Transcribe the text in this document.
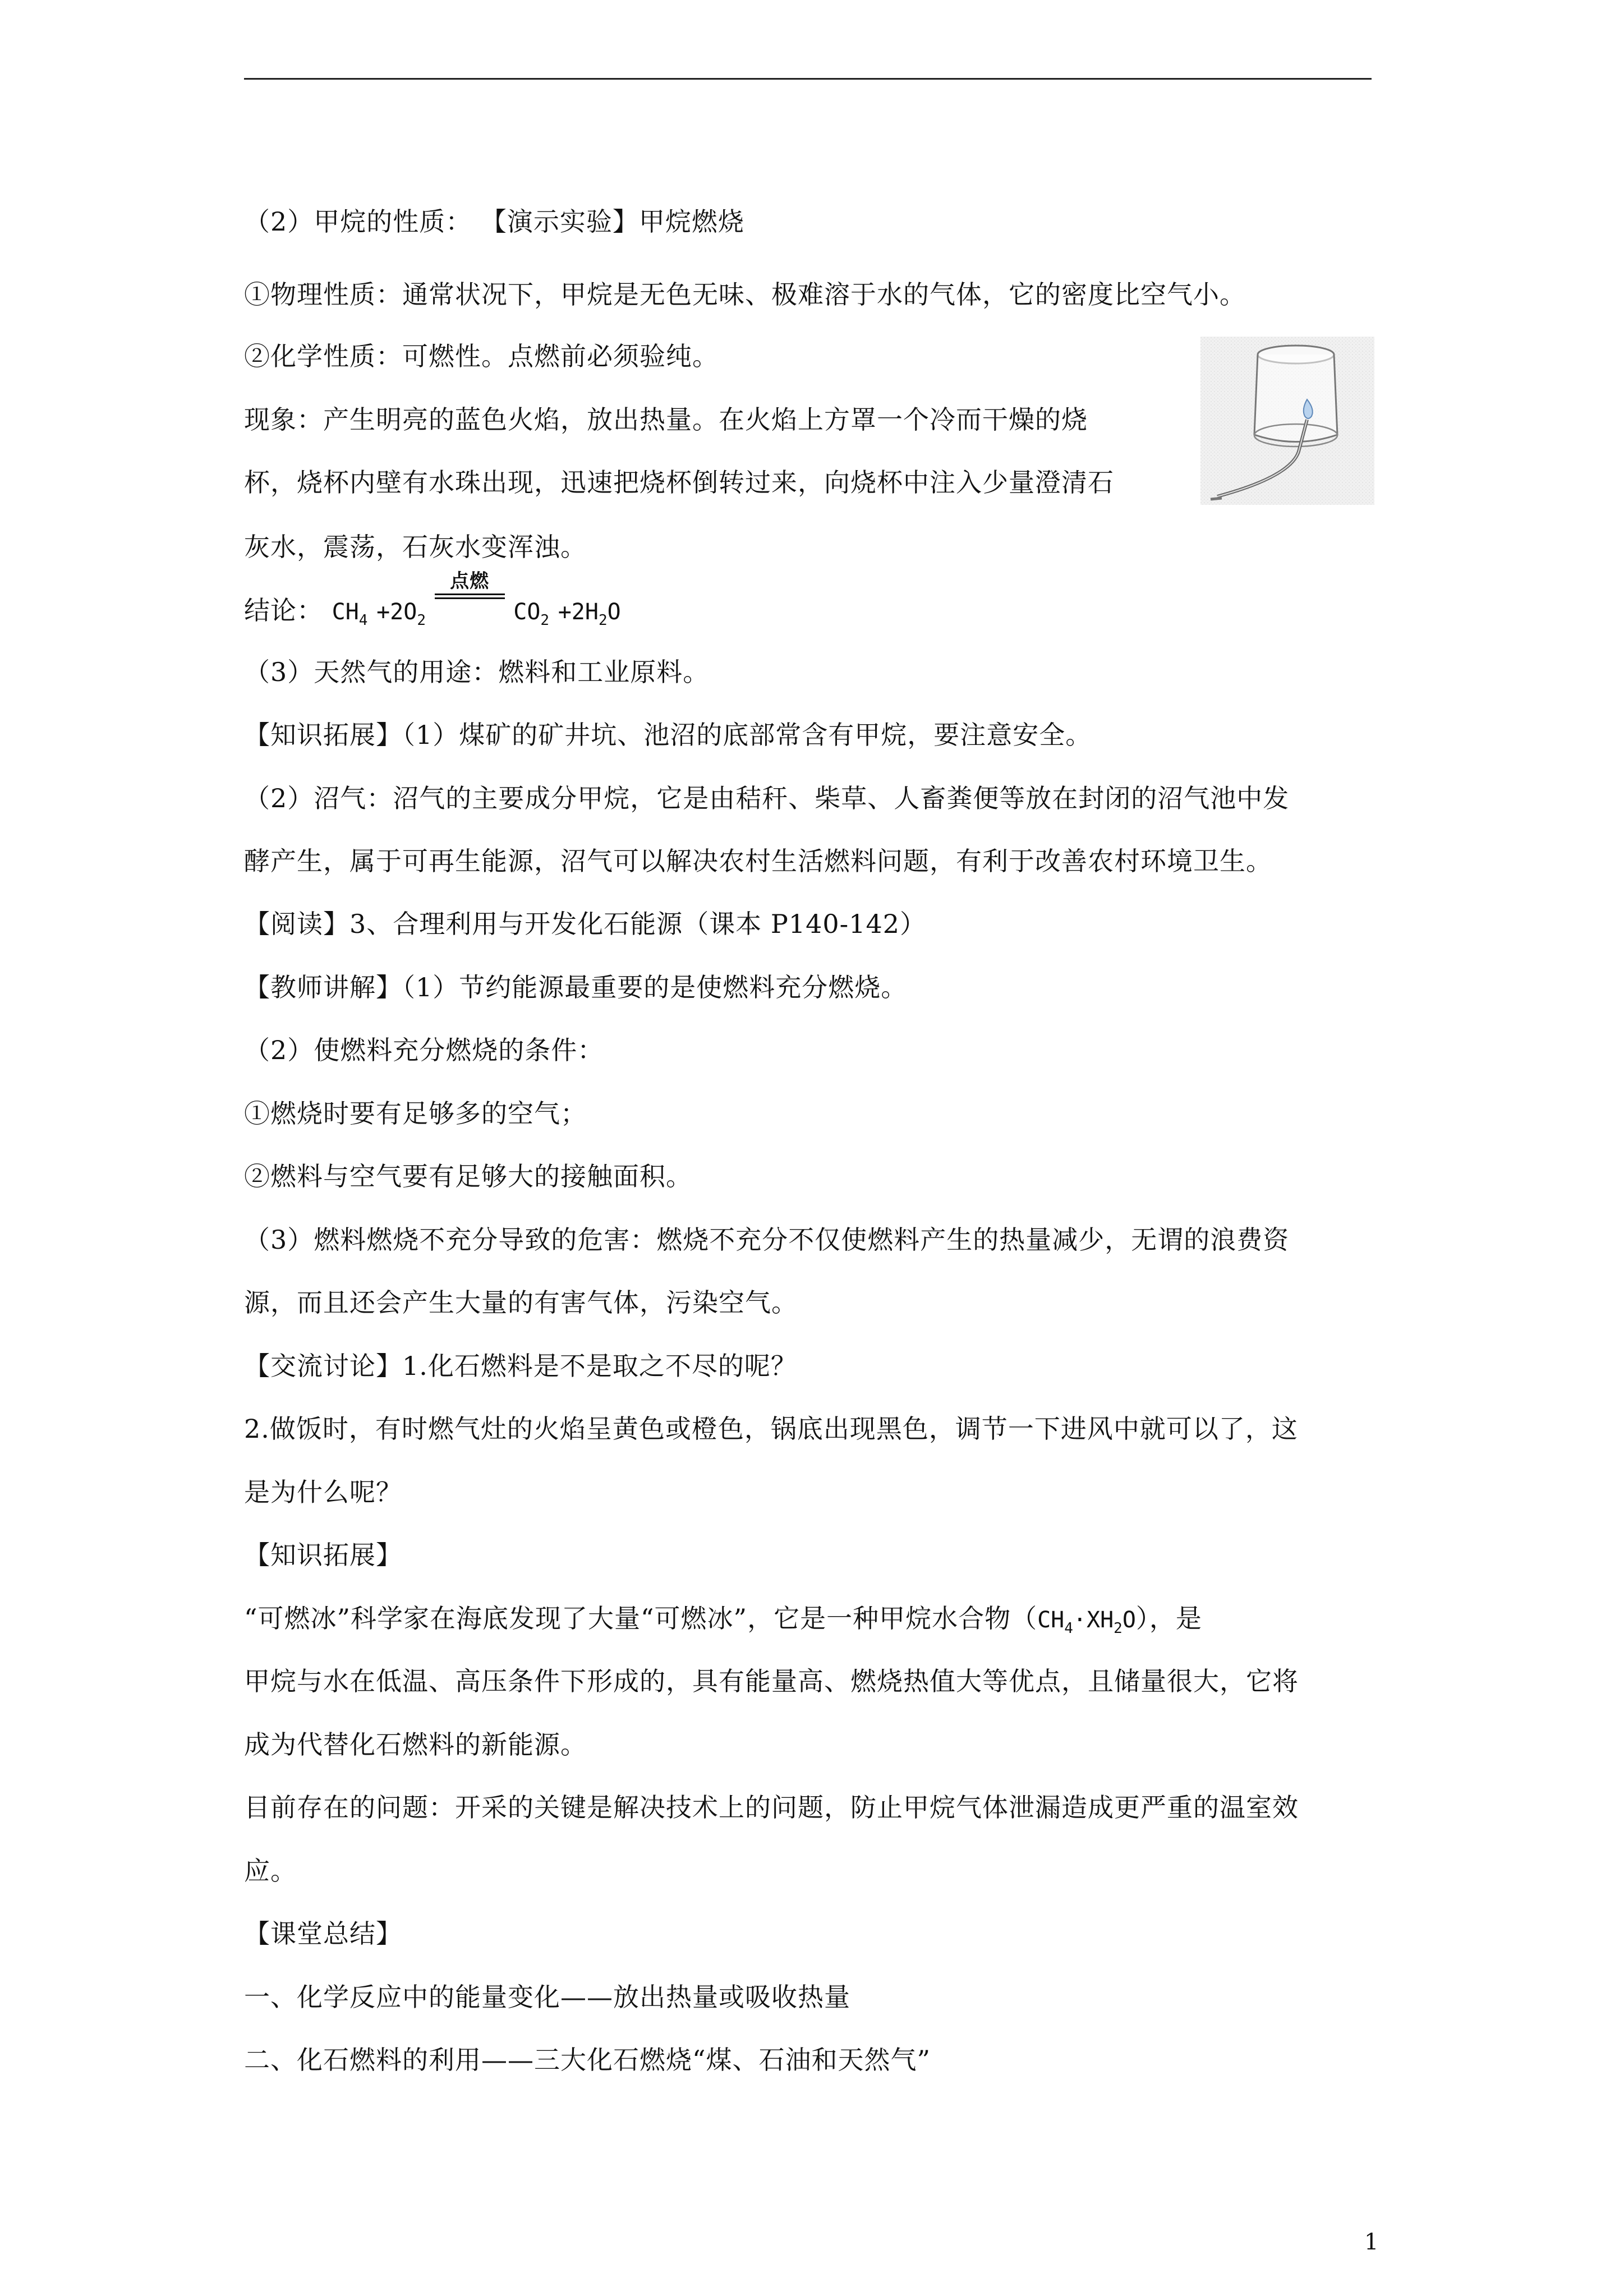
（2）甲烷的性质： 【演示实验】甲烷燃烧
①物理性质：通常状况下，甲烷是无色无味、极难溶于水的气体，它的密度比空气小。
②化学性质：可燃性。点燃前必须验纯。
现象：产生明亮的蓝色火焰，放出热量。在火焰上方罩一个冷而干燥的烧
杯，烧杯内壁有水珠出现，迅速把烧杯倒转过来，向烧杯中注入少量澄清石
灰水，震荡，石灰水变浑浊。
结论： $CH_4 +2O_2$
点燃
$CO_2 +2H_2O$
（3）天然气的用途：燃料和工业原料。
【知识拓展】（1）煤矿的矿井坑、池沼的底部常含有甲烷，要注意安全。
（2）沼气：沼气的主要成分甲烷，它是由秸秆、柴草、人畜粪便等放在封闭的沼气池中发
酵产生，属于可再生能源，沼气可以解决农村生活燃料问题，有利于改善农村环境卫生。
【阅读】3、合理利用与开发化石能源（课本 P140-142）
【教师讲解】（1）节约能源最重要的是使燃料充分燃烧。
（2）使燃料充分燃烧的条件：
①燃烧时要有足够多的空气；
②燃料与空气要有足够大的接触面积。
（3）燃料燃烧不充分导致的危害：燃烧不充分不仅使燃料产生的热量减少，无谓的浪费资
源，而且还会产生大量的有害气体，污染空气。
【交流讨论】1.化石燃料是不是取之不尽的呢？
2.做饭时，有时燃气灶的火焰呈黄色或橙色，锅底出现黑色，调节一下进风中就可以了，这
是为什么呢？
【知识拓展】
“可燃冰”科学家在海底发现了大量“可燃冰”，它是一种甲烷水合物$(CH_4\cdot XH_2O)$，是
甲烷与水在低温、高压条件下形成的，具有能量高、燃烧热值大等优点，且储量很大，它将
成为代替化石燃料的新能源。
目前存在的问题：开采的关键是解决技术上的问题，防止甲烷气体泄漏造成更严重的温室效
应。
【课堂总结】
一、化学反应中的能量变化——放出热量或吸收热量
二、化石燃料的利用——三大化石燃烧“煤、石油和天然气”
1
